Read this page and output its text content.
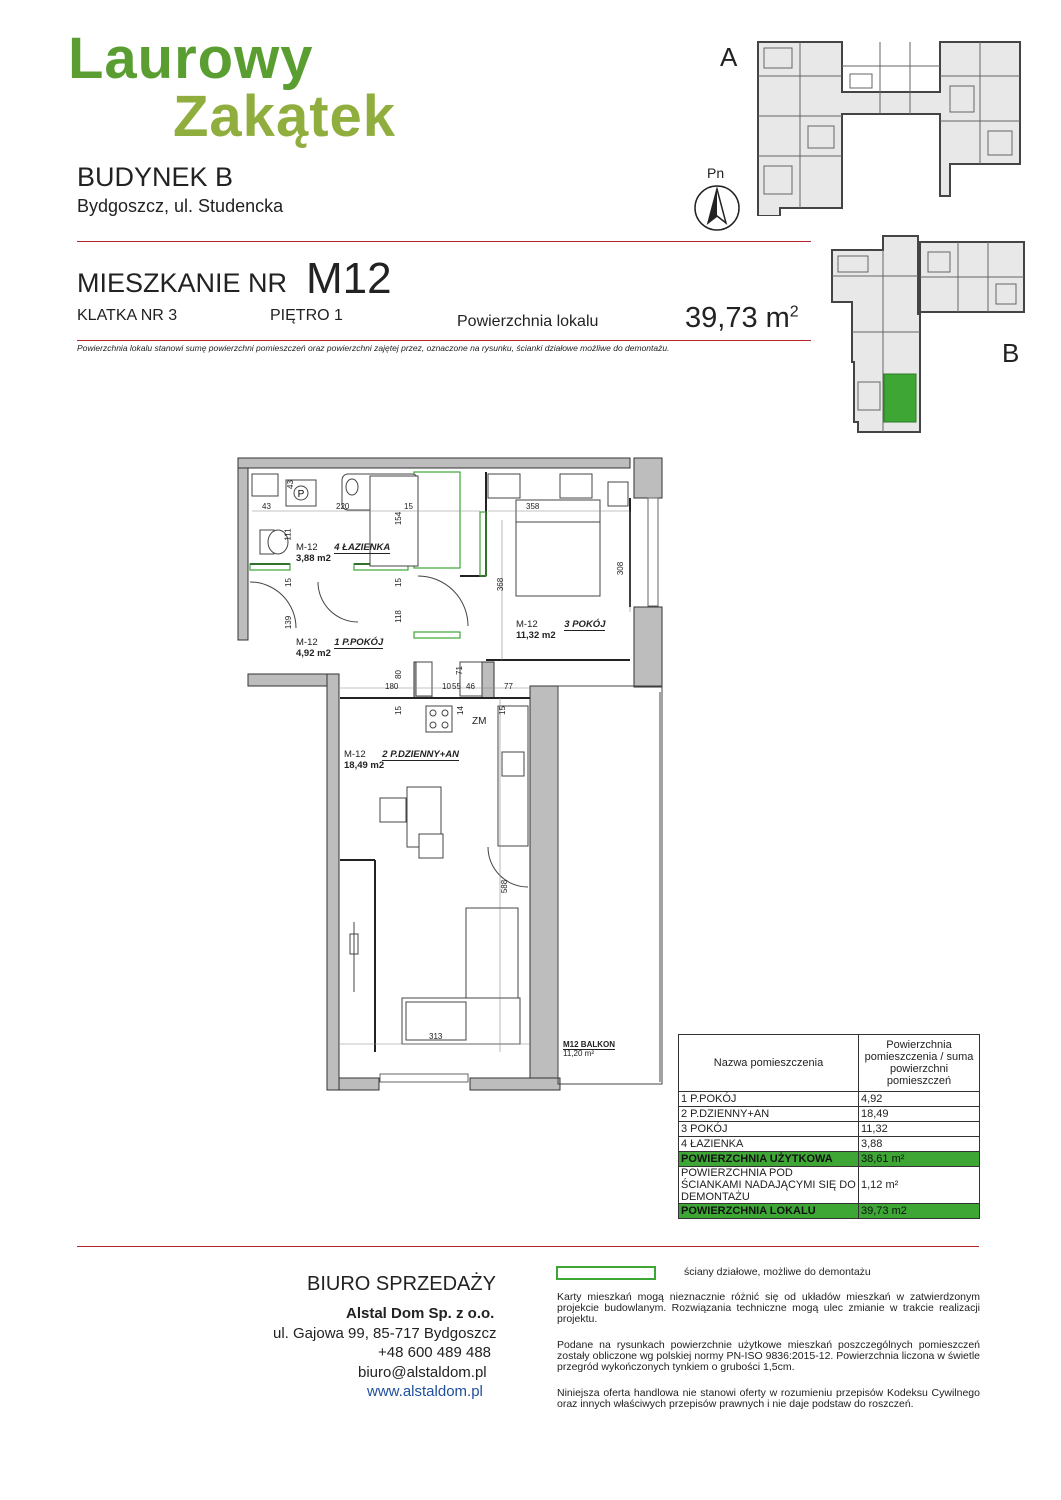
Laurowy
Zakątek
BUDYNEK B
Bydgoszcz, ul. Studencka
MIESZKANIE NR M12
KLATKA NR 3	PIĘTRO 1	Powierzchnia lokalu	39,73 $m^2$
Powierzchnia lokalu stanowi sumę powierzchni pomieszczeń oraz powierzchni zajętej przez, oznaczone na rysunku, ścianki działowe możliwe do demontażu.
A
B
Pn
P
43
43
220	15
154
111
15
139
15
118
358
368
308
180
80
10 55
71
46	77
15	14	15
588
313
ZM
M-12 4 ŁAZIENKA
3,88 m2
M-12 1 P.POKÓJ
4,92 m2
M-12	3 POKÓJ
11,32 m2
M-12 2 P.DZIENNY+AN
18,49 m2
M12 BALKON
11,20 m²
Nazwa pomieszczenia	Powierzchnia pomieszczenia / suma powierzchni pomieszczeń
1 P.POKÓJ	4,92
2 P.DZIENNY+AN	18,49
3 POKÓJ	11,32
4 ŁAZIENKA	3,88
POWIERZCHNIA UŻYTKOWA	38,61 m²
POWIERZCHNIA POD ŚCIANKAMI NADAJĄCYMI SIĘ DO DEMONTAŻU	1,12 m²
POWIERZCHNIA LOKALU	39,73 m2
BIURO SPRZEDAŻY
Alstal Dom Sp. z o.o.
ul. Gajowa 99, 85-717 Bydgoszcz
+48 600 489 488
biuro@alstaldom.pl
www.alstaldom.pl
ściany działowe, możliwe do demontażu
Karty mieszkań mogą nieznacznie różnić się od układów mieszkań w zatwierdzonym projekcie budowlanym. Rozwiązania techniczne mogą ulec zmianie w trakcie realizacji projektu.
Podane na rysunkach powierzchnie użytkowe mieszkań poszczególnych pomieszczeń zostały obliczone wg polskiej normy PN-ISO 9836:2015-12. Powierzchnia liczona w świetle przegród wykończonych tynkiem o grubości 1,5cm.
Niniejsza oferta handlowa nie stanowi oferty w rozumieniu przepisów Kodeksu Cywilnego oraz innych właściwych przepisów prawnych i nie daje podstaw do roszczeń.
